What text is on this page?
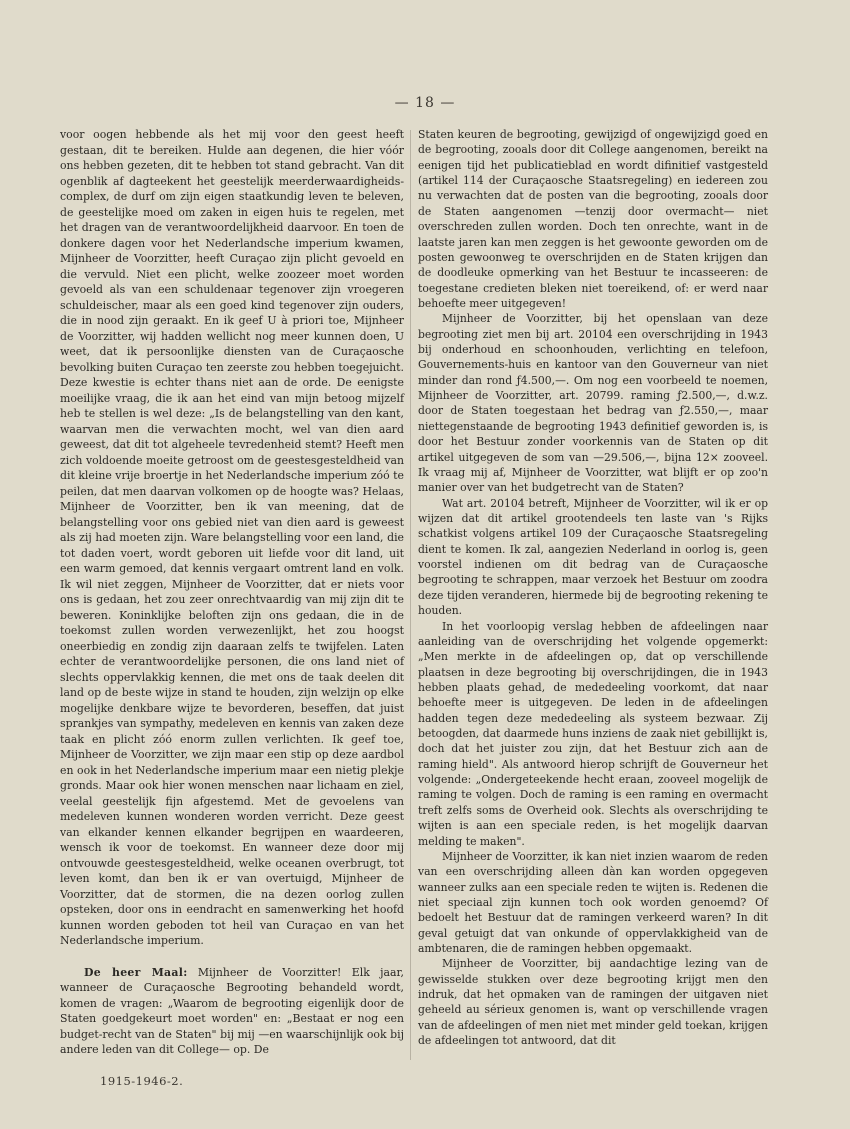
— 18 —

voor oogen hebbende als het mij voor den geest heeft gestaan, dit te bereiken. Hulde aan degenen, die hier vóór ons hebben gezeten, dit te hebben tot stand gebracht. Van dit ogenblik af dagteekent het geestelijk meerderwaardigheids-complex, de durf om zijn eigen staatkundig leven te beleven, de geestelijke moed om zaken in eigen huis te regelen, met het dragen van de verantwoordelijkheid daarvoor. En toen de donkere dagen voor het Nederlandsche imperium kwamen, Mijnheer de Voorzitter, heeft Curaçao zijn plicht gevoeld en die vervuld. Niet een plicht, welke zoozeer moet worden gevoeld als van een schuldenaar tegenover zijn vroegeren schuldeischer, maar als een goed kind tegenover zijn ouders, die in nood zijn geraakt. En ik geef U à priori toe, Mijnheer de Voorzitter, wij hadden wellicht nog meer kunnen doen, U weet, dat ik persoonlijke diensten van de Curaçaosche bevolking buiten Curaçao ten zeerste zou hebben toegejuicht. Deze kwestie is echter thans niet aan de orde. De eenigste moeilijke vraag, die ik aan het eind van mijn betoog mijzelf heb te stellen is wel deze: „Is de belangstelling van den kant, waarvan men die verwachten mocht, wel van dien aard geweest, dat dit tot algeheele tevredenheid stemt? Heeft men zich voldoende moeite getroost om de geestesgesteldheid van dit kleine vrije broertje in het Nederlandsche imperium zóó te peilen, dat men daarvan volkomen op de hoogte was? Helaas, Mijnheer de Voorzitter, ben ik van meening, dat de belangstelling voor ons gebied niet van dien aard is geweest als zij had moeten zijn. Ware belangstelling voor een land, die tot daden voert, wordt geboren uit liefde voor dit land, uit een warm gemoed, dat kennis vergaart omtrent land en volk. Ik wil niet zeggen, Mijnheer de Voorzitter, dat er niets voor ons is gedaan, het zou zeer onrechtvaardig van mij zijn dit te beweren. Koninklijke beloften zijn ons gedaan, die in de toekomst zullen worden verwezenlijkt, het zou hoogst oneerbiedig en zondig zijn daaraan zelfs te twijfelen. Laten echter de verantwoordelijke personen, die ons land niet of slechts oppervlakkig kennen, die met ons de taak deelen dit land op de beste wijze in stand te houden, zijn welzijn op elke mogelijke denkbare wijze te bevorderen, beseffen, dat juist sprankjes van sympathy, medeleven en kennis van zaken deze taak en plicht zóó enorm zullen verlichten. Ik geef toe, Mijnheer de Voorzitter, we zijn maar een stip op deze aardbol en ook in het Nederlandsche imperium maar een nietig plekje gronds. Maar ook hier wonen menschen naar lichaam en ziel, veelal geestelijk fijn afgestemd. Met de gevoelens van medeleven kunnen wonderen worden verricht. Deze geest van elkander kennen elkander begrijpen en waardeeren, wensch ik voor de toekomst. En wanneer deze door mij ontvouwde geestesgesteldheid, welke oceanen overbrugt, tot leven komt, dan ben ik er van overtuigd, Mijnheer de Voorzitter, dat de stormen, die na dezen oorlog zullen opsteken, door ons in eendracht en samenwerking het hoofd kunnen worden geboden tot heil van Curaçao en van het Nederlandsche imperium.

De heer Maal: Mijnheer de Voorzitter! Elk jaar, wanneer de Curaçaosche Begrooting behandeld wordt, komen de vragen: „Waarom de begrooting eigenlijk door de Staten goedgekeurt moet worden" en: „Bestaat er nog een budget-recht van de Staten" bij mij —en waarschijnlijk ook bij andere leden van dit College— op. De

Staten keuren de begrooting, gewijzigd of ongewijzigd goed en de begrooting, zooals door dit College aangenomen, bereikt na eenigen tijd het publicatieblad en wordt difinitief vastgesteld (artikel 114 der Curaçaosche Staatsregeling) en iedereen zou nu verwachten dat de posten van die begrooting, zooals door de Staten aangenomen —tenzij door overmacht— niet overschreden zullen worden. Doch ten onrechte, want in de laatste jaren kan men zeggen is het gewoonte geworden om de posten gewoonweg te overschrijden en de Staten krijgen dan de doodleuke opmerking van het Bestuur te incasseeren: de toegestane credieten bleken niet toereikend, of: er werd naar behoefte meer uitgegeven!

Mijnheer de Voorzitter, bij het openslaan van deze begrooting ziet men bij art. 20104 een overschrijding in 1943 bij onderhoud en schoonhouden, verlichting en telefoon, Gouvernements-huis en kantoor van den Gouverneur van niet minder dan rond ƒ4.500,—. Om nog een voorbeeld te noemen, Mijnheer de Voorzitter, art. 20799. raming ƒ2.500,—, d.w.z. door de Staten toegestaan het bedrag van ƒ2.550,—, maar niettegenstaande de begrooting 1943 definitief geworden is, is door het Bestuur zonder voorkennis van de Staten op dit artikel uitgegeven de som van —29.506,—, bijna 12× zooveel. Ik vraag mij af, Mijnheer de Voorzitter, wat blijft er op zoo'n manier over van het budgetrecht van de Staten?

Wat art. 20104 betreft, Mijnheer de Voorzitter, wil ik er op wijzen dat dit artikel grootendeels ten laste van 's Rijks schatkist volgens artikel 109 der Curaçaosche Staatsregeling dient te komen. Ik zal, aangezien Nederland in oorlog is, geen voorstel indienen om dit bedrag van de Curaçaosche begrooting te schrappen, maar verzoek het Bestuur om zoodra deze tijden veranderen, hiermede bij de begrooting rekening te houden.

In het voorloopig verslag hebben de afdeelingen naar aanleiding van de overschrijding het volgende opgemerkt: „Men merkte in de afdeelingen op, dat op verschillende plaatsen in deze begrooting bij overschrijdingen, die in 1943 hebben plaats gehad, de mededeeling voorkomt, dat naar behoefte meer is uitgegeven. De leden in de afdeelingen hadden tegen deze mededeeling als systeem bezwaar. Zij betoogden, dat daarmede huns inziens de zaak niet gebillijkt is, doch dat het juister zou zijn, dat het Bestuur zich aan de raming hield". Als antwoord hierop schrijft de Gouverneur het volgende: „Ondergeteekende hecht eraan, zooveel mogelijk de raming te volgen. Doch de raming is een raming en overmacht treft zelfs soms de Overheid ook. Slechts als overschrijding te wijten is aan een speciale reden, is het mogelijk daarvan melding te maken".

Mijnheer de Voorzitter, ik kan niet inzien waarom de reden van een overschrijding alleen dàn kan worden opgegeven wanneer zulks aan een speciale reden te wijten is. Redenen die niet speciaal zijn kunnen toch ook worden genoemd? Of bedoelt het Bestuur dat de ramingen verkeerd waren? In dit geval getuigt dat van onkunde of oppervlakkigheid van de ambtenaren, die de ramingen hebben opgemaakt.

Mijnheer de Voorzitter, bij aandachtige lezing van de gewisselde stukken over deze begrooting krijgt men den indruk, dat het opmaken van de ramingen der uitgaven niet geheeld au sérieux genomen is, want op verschillende vragen van de afdeelingen of men niet met minder geld toekan, krijgen de afdeelingen tot antwoord, dat dit

1915-1946-2.
